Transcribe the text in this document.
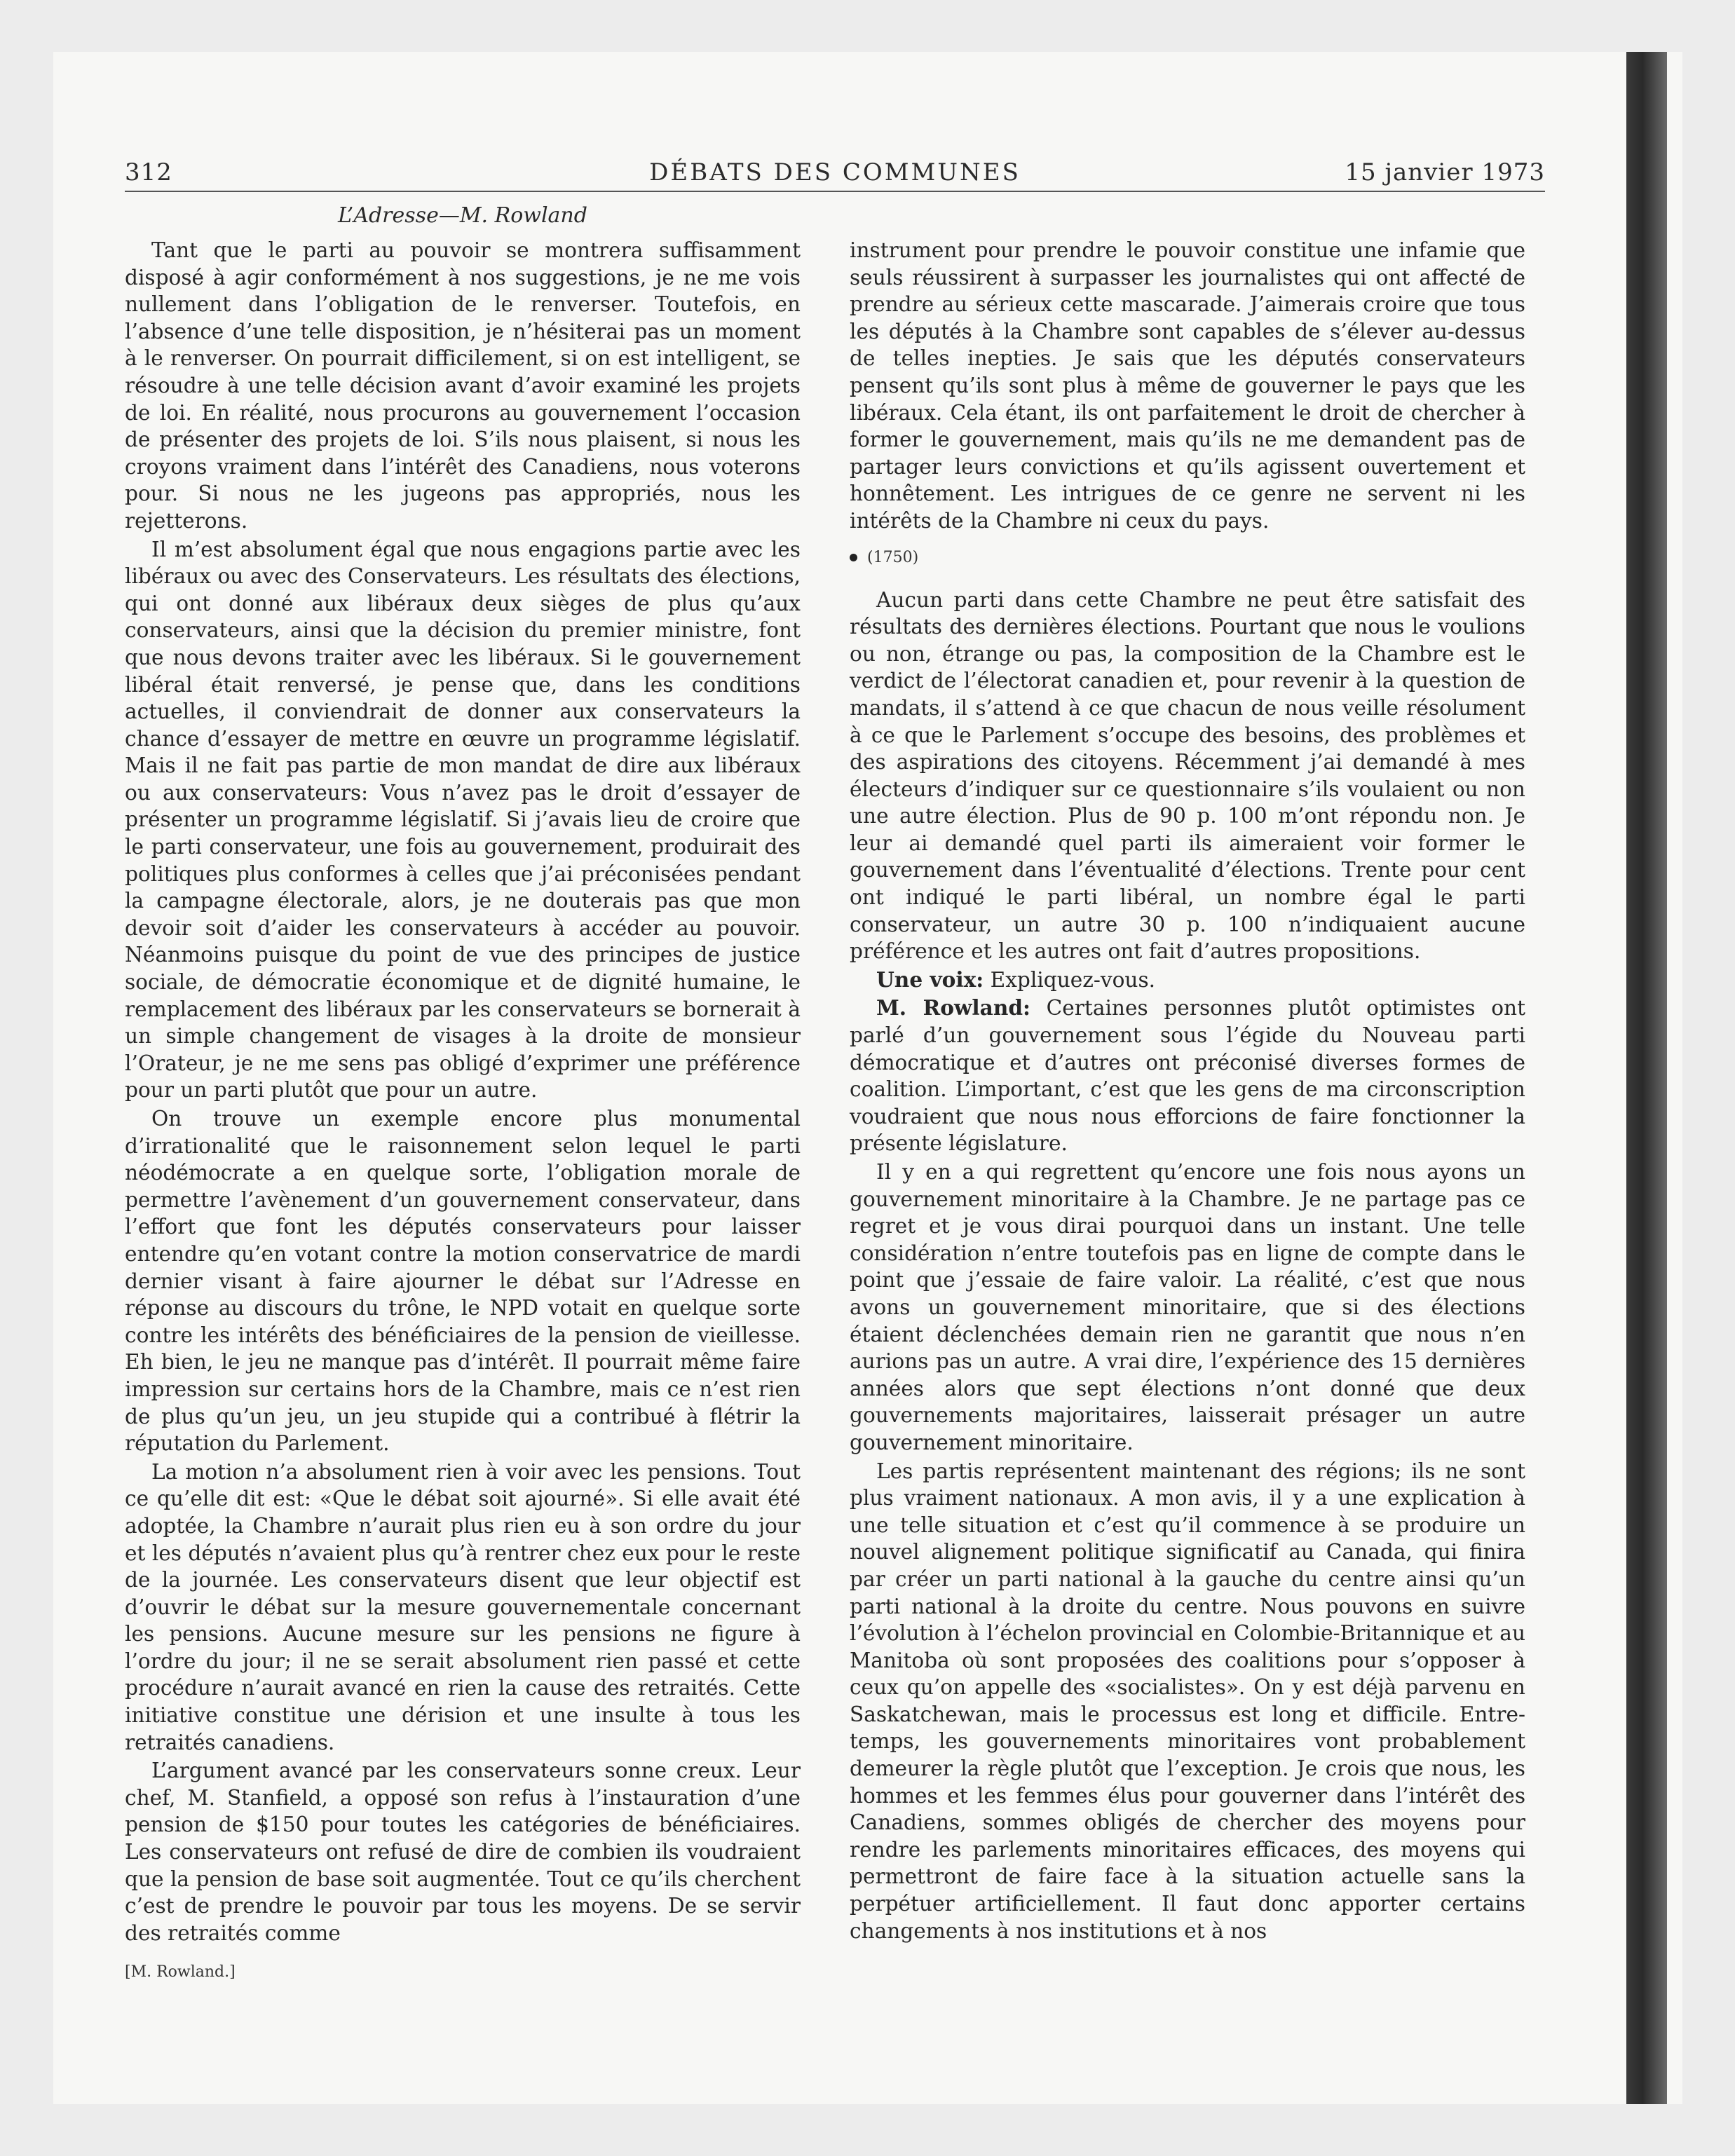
312	DÉBATS DES COMMUNES	15 janvier 1973
L’Adresse—M. Rowland

Tant que le parti au pouvoir se montrera suffisamment disposé à agir conformément à nos suggestions, je ne me vois nullement dans l’obligation de le renverser. Toutefois, en l’absence d’une telle disposition, je n’hésiterai pas un moment à le renverser. On pourrait difficilement, si on est intelligent, se résoudre à une telle décision avant d’avoir examiné les projets de loi. En réalité, nous procurons au gouvernement l’occasion de présenter des projets de loi. S’ils nous plaisent, si nous les croyons vraiment dans l’intérêt des Canadiens, nous voterons pour. Si nous ne les jugeons pas appropriés, nous les rejetterons.

Il m’est absolument égal que nous engagions partie avec les libéraux ou avec des Conservateurs. Les résultats des élections, qui ont donné aux libéraux deux sièges de plus qu’aux conservateurs, ainsi que la décision du premier ministre, font que nous devons traiter avec les libéraux. Si le gouvernement libéral était renversé, je pense que, dans les conditions actuelles, il conviendrait de donner aux conservateurs la chance d’essayer de mettre en œuvre un programme législatif. Mais il ne fait pas partie de mon mandat de dire aux libéraux ou aux conservateurs: Vous n’avez pas le droit d’essayer de présenter un programme législatif. Si j’avais lieu de croire que le parti conservateur, une fois au gouvernement, produirait des politiques plus conformes à celles que j’ai préconisées pendant la campagne électorale, alors, je ne douterais pas que mon devoir soit d’aider les conservateurs à accéder au pouvoir. Néanmoins puisque du point de vue des principes de justice sociale, de démocratie économique et de dignité humaine, le remplacement des libéraux par les conservateurs se bornerait à un simple changement de visages à la droite de monsieur l’Orateur, je ne me sens pas obligé d’exprimer une préférence pour un parti plutôt que pour un autre.

On trouve un exemple encore plus monumental d’irrationalité que le raisonnement selon lequel le parti néodémocrate a en quelque sorte, l’obligation morale de permettre l’avènement d’un gouvernement conservateur, dans l’effort que font les députés conservateurs pour laisser entendre qu’en votant contre la motion conservatrice de mardi dernier visant à faire ajourner le débat sur l’Adresse en réponse au discours du trône, le NPD votait en quelque sorte contre les intérêts des bénéficiaires de la pension de vieillesse. Eh bien, le jeu ne manque pas d’intérêt. Il pourrait même faire impression sur certains hors de la Chambre, mais ce n’est rien de plus qu’un jeu, un jeu stupide qui a contribué à flétrir la réputation du Parlement.

La motion n’a absolument rien à voir avec les pensions. Tout ce qu’elle dit est: «Que le débat soit ajourné». Si elle avait été adoptée, la Chambre n’aurait plus rien eu à son ordre du jour et les députés n’avaient plus qu’à rentrer chez eux pour le reste de la journée. Les conservateurs disent que leur objectif est d’ouvrir le débat sur la mesure gouvernementale concernant les pensions. Aucune mesure sur les pensions ne figure à l’ordre du jour; il ne se serait absolument rien passé et cette procédure n’aurait avancé en rien la cause des retraités. Cette initiative constitue une dérision et une insulte à tous les retraités canadiens.

L’argument avancé par les conservateurs sonne creux. Leur chef, M. Stanfield, a opposé son refus à l’instauration d’une pension de $150 pour toutes les catégories de bénéficiaires. Les conservateurs ont refusé de dire de combien ils voudraient que la pension de base soit augmentée. Tout ce qu’ils cherchent c’est de prendre le pouvoir par tous les moyens. De se servir des retraités comme

[M. Rowland.]

instrument pour prendre le pouvoir constitue une infamie que seuls réussirent à surpasser les journalistes qui ont affecté de prendre au sérieux cette mascarade. J’aimerais croire que tous les députés à la Chambre sont capables de s’élever au-dessus de telles inepties. Je sais que les députés conservateurs pensent qu’ils sont plus à même de gouverner le pays que les libéraux. Cela étant, ils ont parfaitement le droit de chercher à former le gouvernement, mais qu’ils ne me demandent pas de partager leurs convictions et qu’ils agissent ouvertement et honnêtement. Les intrigues de ce genre ne servent ni les intérêts de la Chambre ni ceux du pays.

(1750)

Aucun parti dans cette Chambre ne peut être satisfait des résultats des dernières élections. Pourtant que nous le voulions ou non, étrange ou pas, la composition de la Chambre est le verdict de l’électorat canadien et, pour revenir à la question de mandats, il s’attend à ce que chacun de nous veille résolument à ce que le Parlement s’occupe des besoins, des problèmes et des aspirations des citoyens. Récemment j’ai demandé à mes électeurs d’indiquer sur ce questionnaire s’ils voulaient ou non une autre élection. Plus de 90 p. 100 m’ont répondu non. Je leur ai demandé quel parti ils aimeraient voir former le gouvernement dans l’éventualité d’élections. Trente pour cent ont indiqué le parti libéral, un nombre égal le parti conservateur, un autre 30 p. 100 n’indiquaient aucune préférence et les autres ont fait d’autres propositions.

Une voix: Expliquez-vous.

M. Rowland: Certaines personnes plutôt optimistes ont parlé d’un gouvernement sous l’égide du Nouveau parti démocratique et d’autres ont préconisé diverses formes de coalition. L’important, c’est que les gens de ma circonscription voudraient que nous nous efforcions de faire fonctionner la présente législature.

Il y en a qui regrettent qu’encore une fois nous ayons un gouvernement minoritaire à la Chambre. Je ne partage pas ce regret et je vous dirai pourquoi dans un instant. Une telle considération n’entre toutefois pas en ligne de compte dans le point que j’essaie de faire valoir. La réalité, c’est que nous avons un gouvernement minoritaire, que si des élections étaient déclenchées demain rien ne garantit que nous n’en aurions pas un autre. A vrai dire, l’expérience des 15 dernières années alors que sept élections n’ont donné que deux gouvernements majoritaires, laisserait présager un autre gouvernement minoritaire.

Les partis représentent maintenant des régions; ils ne sont plus vraiment nationaux. A mon avis, il y a une explication à une telle situation et c’est qu’il commence à se produire un nouvel alignement politique significatif au Canada, qui finira par créer un parti national à la gauche du centre ainsi qu’un parti national à la droite du centre. Nous pouvons en suivre l’évolution à l’échelon provincial en Colombie-Britannique et au Manitoba où sont proposées des coalitions pour s’opposer à ceux qu’on appelle des «socialistes». On y est déjà parvenu en Saskatchewan, mais le processus est long et difficile. Entre-temps, les gouvernements minoritaires vont probablement demeurer la règle plutôt que l’exception. Je crois que nous, les hommes et les femmes élus pour gouverner dans l’intérêt des Canadiens, sommes obligés de chercher des moyens pour rendre les parlements minoritaires efficaces, des moyens qui permettront de faire face à la situation actuelle sans la perpétuer artificiellement. Il faut donc apporter certains changements à nos institutions et à nos
